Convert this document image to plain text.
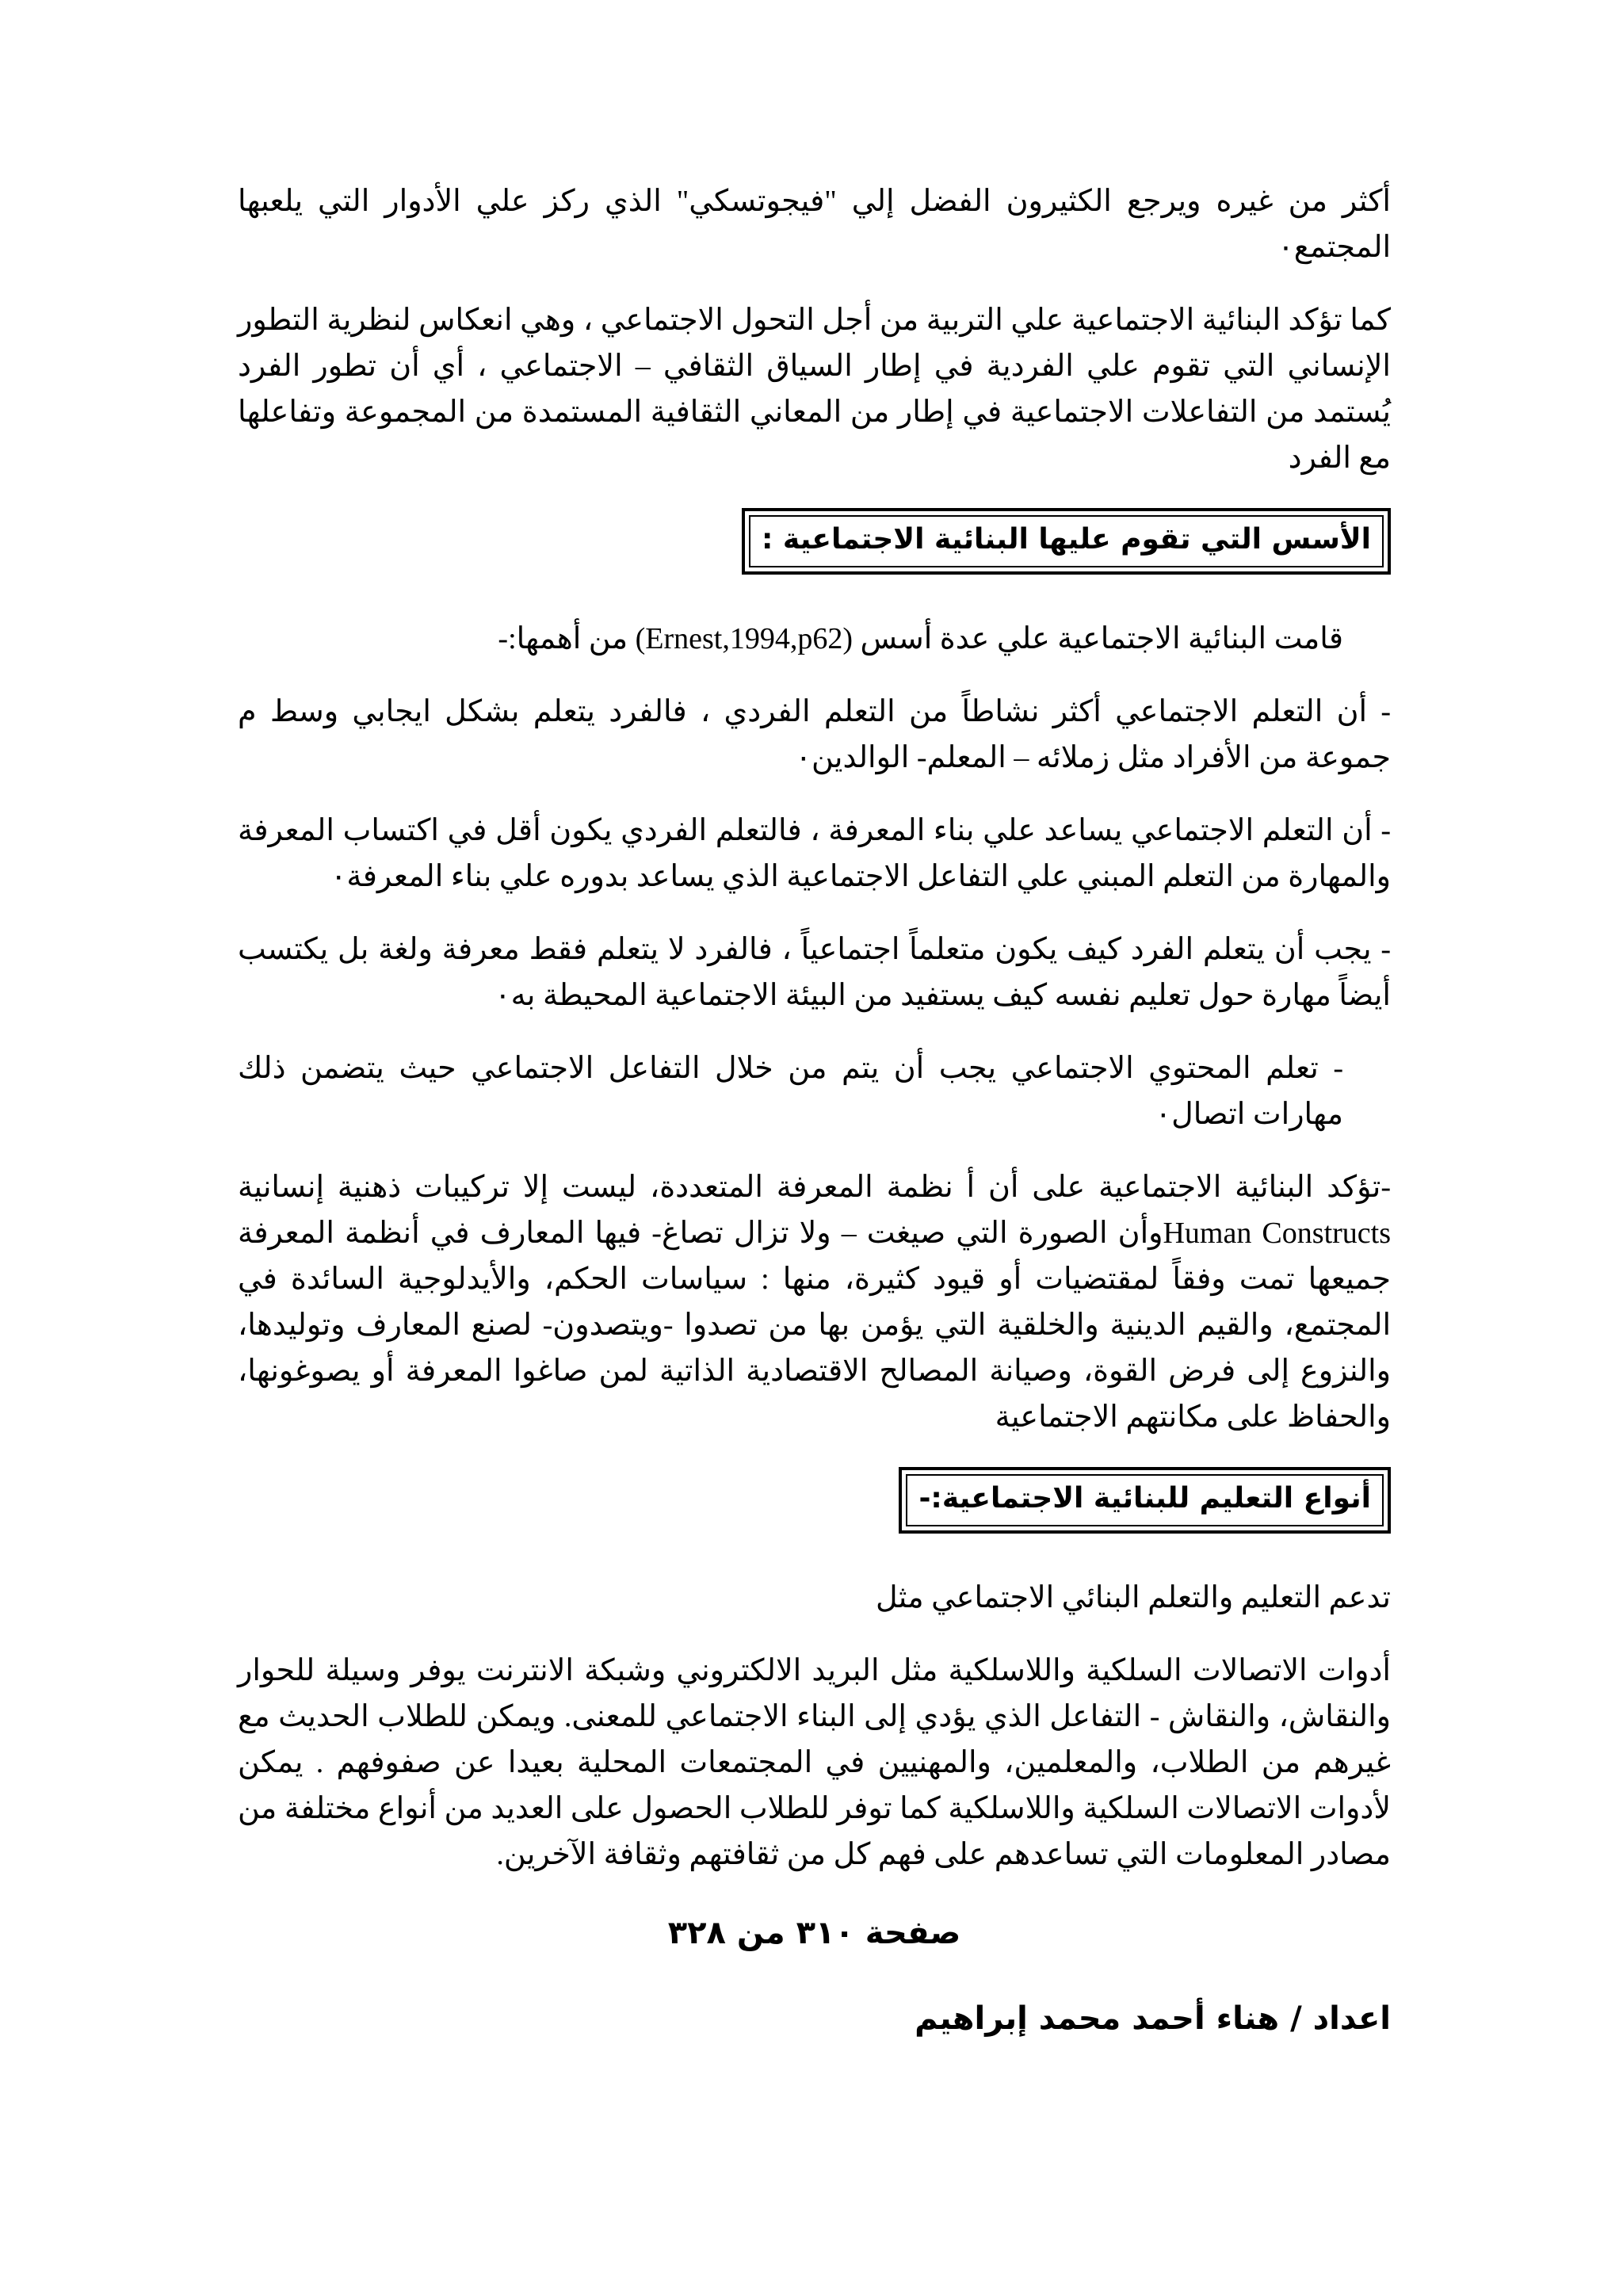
أكثر من غيره ويرجع الكثيرون الفضل إلي "فيجوتسكي" الذي ركز علي الأدوار التي يلعبها المجتمع٠

كما تؤكد البنائية الاجتماعية علي التربية من أجل التحول الاجتماعي ، وهي انعكاس لنظرية التطور الإنساني التي تقوم علي الفردية في إطار السياق الثقافي – الاجتماعي ، أي أن تطور الفرد يُستمد من التفاعلات الاجتماعية في إطار من المعاني الثقافية المستمدة من المجموعة وتفاعلها مع الفرد

الأسس التي تقوم عليها البنائية الاجتماعية :

قامت البنائية الاجتماعية علي عدة أسس (Ernest,1994,p62) من أهمها:-

- أن التعلم الاجتماعي أكثر نشاطاً من التعلم الفردي ، فالفرد يتعلم بشكل ايجابي وسط م جموعة من الأفراد مثل زملائه – المعلم- الوالدين٠

- أن التعلم الاجتماعي يساعد علي بناء المعرفة ، فالتعلم الفردي يكون أقل في اكتساب المعرفة والمهارة من التعلم المبني علي التفاعل الاجتماعية الذي يساعد بدوره علي بناء المعرفة٠

- يجب أن يتعلم الفرد كيف يكون متعلماً اجتماعياً ، فالفرد لا يتعلم فقط معرفة ولغة بل يكتسب أيضاً مهارة حول تعليم نفسه كيف يستفيد من البيئة الاجتماعية المحيطة به٠

- تعلم المحتوي الاجتماعي يجب أن يتم من خلال التفاعل الاجتماعي حيث يتضمن ذلك مهارات اتصال٠

-تؤكد البنائية الاجتماعية على أن أ نظمة المعرفة المتعددة، ليست إلا تركيبات ذهنية إنسانية Human Constructsوأن الصورة التي صيغت – ولا تزال تصاغ- فيها المعارف في أنظمة المعرفة جميعها تمت وفقاً لمقتضيات أو قيود كثيرة، منها : سياسات الحكم، والأيدلوجية السائدة في المجتمع، والقيم الدينية والخلقية التي يؤمن بها من تصدوا -ويتصدون- لصنع المعارف وتوليدها، والنزوع إلى فرض القوة، وصيانة المصالح الاقتصادية الذاتية لمن صاغوا المعرفة أو يصوغونها، والحفاظ على مكانتهم الاجتماعية

أنواع التعليم للبنائية الاجتماعية:-

تدعم التعليم والتعلم البنائي الاجتماعي مثل

أدوات الاتصالات السلكية واللاسلكية مثل البريد الالكتروني وشبكة الانترنت يوفر وسيلة للحوار والنقاش، والنقاش - التفاعل الذي يؤدي إلى البناء الاجتماعي للمعنى. ويمكن للطلاب الحديث مع غيرهم من الطلاب، والمعلمين، والمهنيين في المجتمعات المحلية بعيدا عن صفوفهم . يمكن لأدوات الاتصالات السلكية واللاسلكية كما توفر للطلاب الحصول على العديد من أنواع مختلفة من مصادر المعلومات التي تساعدهم على فهم كل من ثقافتهم وثقافة الآخرين.

صفحة ٣١٠ من ٣٢٨
اعداد / هناء أحمد محمد إبراهيم
